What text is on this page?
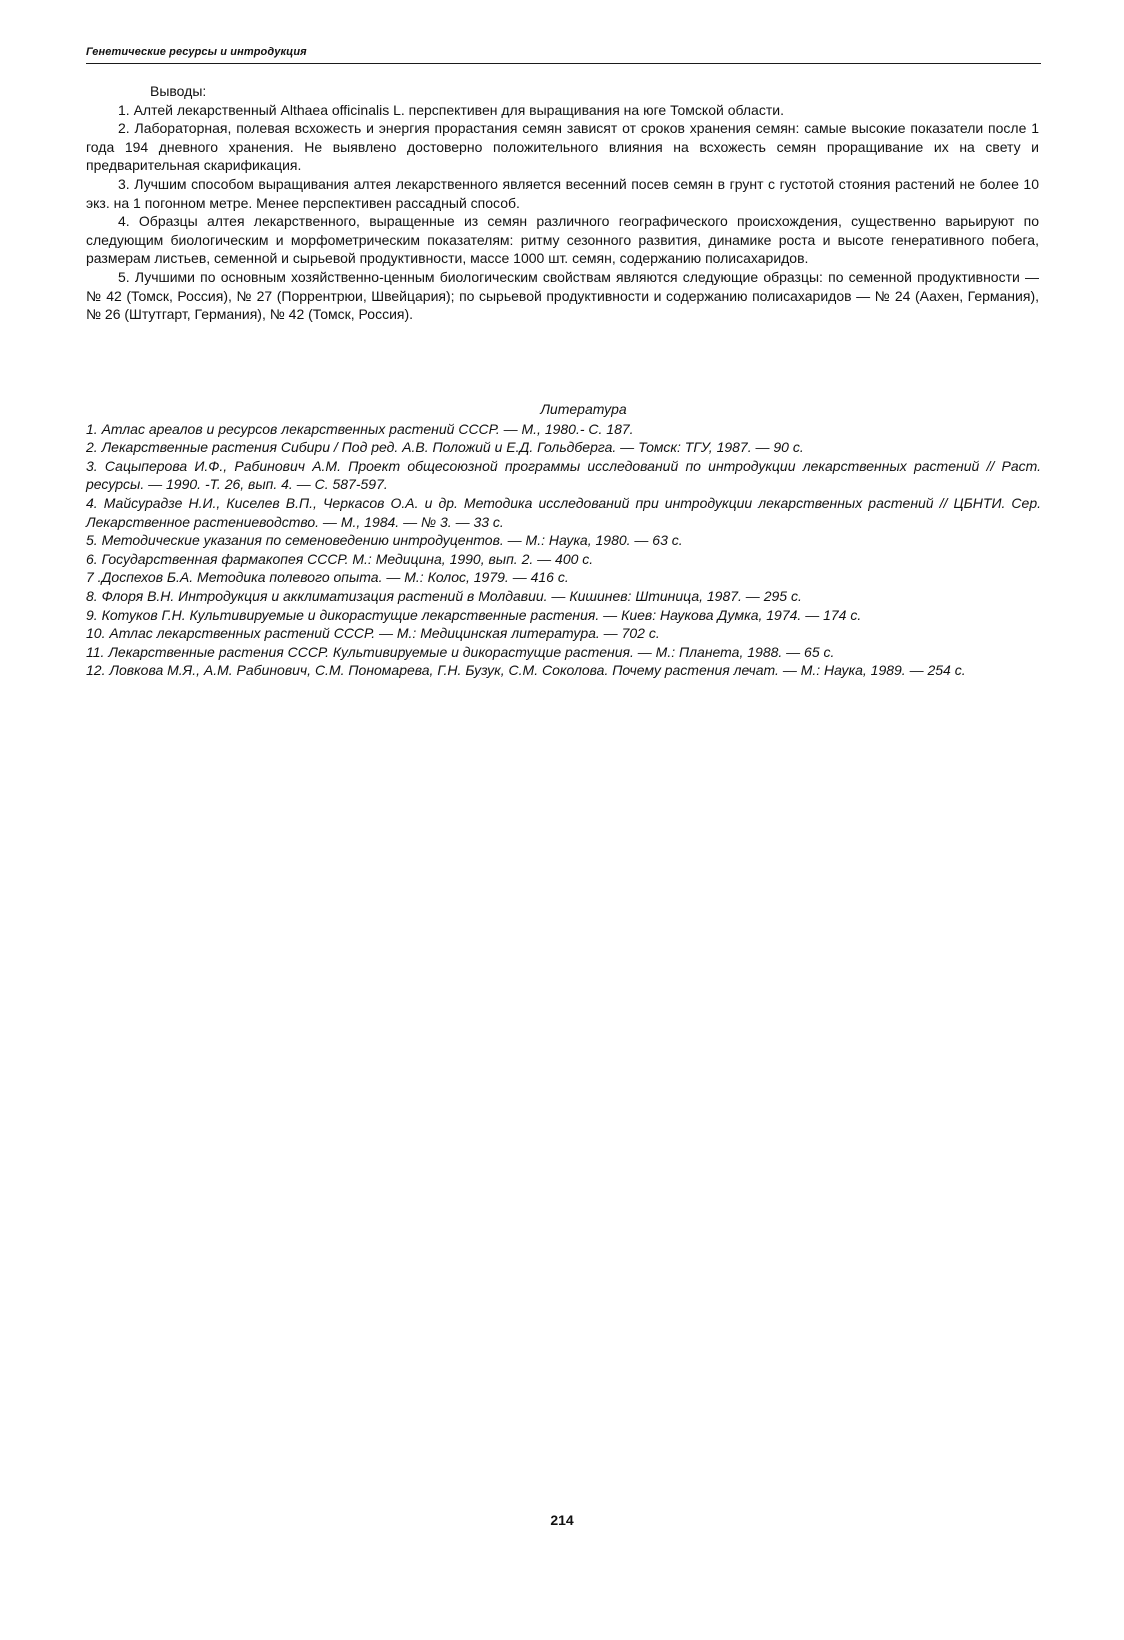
Генетические ресурсы и интродукция

Выводы:

1. Алтей лекарственный Althaea officinalis L. перспективен для выращивания на юге Томской области.

2. Лабораторная, полевая всхожесть и энергия прорастания семян зависят от сроков хранения семян: самые высокие показатели после 1 года 194 дневного хранения. Не выявлено достоверно положительного влияния на всхожесть семян проращивание их на свету и предварительная скарификация.

3. Лучшим способом выращивания алтея лекарственного является весенний посев семян в грунт с густотой стояния растений не более 10 экз. на 1 погонном метре. Менее перспективен рассадный способ.

4. Образцы алтея лекарственного, выращенные из семян различного географического происхождения, существенно варьируют по следующим биологическим и морфометрическим показателям: ритму сезонного развития, динамике роста и высоте генеративного побега, размерам листьев, семенной и сырьевой продуктивности, массе 1000 шт. семян, содержанию полисахаридов.

5. Лучшими по основным хозяйственно-ценным биологическим свойствам являются следующие образцы: по семенной продуктивности — № 42 (Томск, Россия), № 27 (Поррентрюи, Швейцария); по сырьевой продуктивности и содержанию полисахаридов — № 24 (Аахен, Германия), № 26 (Штутгарт, Германия), № 42 (Томск, Россия).

Литература
1. Атлас ареалов и ресурсов лекарственных растений СССР. — М., 1980.- С. 187.
2. Лекарственные растения Сибири / Под ред. А.В. Положий и Е.Д. Гольдберга. — Томск: ТГУ, 1987. — 90 с.
3. Сацыперова И.Ф., Рабинович А.М. Проект общесоюзной программы исследований по интродукции лекарственных растений // Раст. ресурсы. — 1990. -Т. 26, вып. 4. — С. 587-597.
4. Майсурадзе Н.И., Киселев В.П., Черкасов О.А. и др. Методика исследований при интродукции лекарственных растений // ЦБНТИ. Сер. Лекарственное растениеводство. — М., 1984. — № 3. — 33 с.
5. Методические указания по семеноведению интродуцентов. — М.: Наука, 1980. — 63 с.
6. Государственная фармакопея СССР. М.: Медицина, 1990, вып. 2. — 400 с.
7 .Доспехов Б.А. Методика полевого опыта. — М.: Колос, 1979. — 416 с.
8. Флоря В.Н. Интродукция и акклиматизация растений в Молдавии. — Кишинев: Штиница, 1987. — 295 с.
9. Котуков Г.Н. Культивируемые и дикорастущие лекарственные растения. — Киев: Наукова Думка, 1974. — 174 с.
10. Атлас лекарственных растений СССР. — М.: Медицинская литература. — 702 с.
11. Лекарственные растения СССР. Культивируемые и дикорастущие растения. — М.: Планета, 1988. — 65 с.
12. Ловкова М.Я., А.М. Рабинович, С.М. Пономарева, Г.Н. Бузук, С.М. Соколова. Почему растения лечат. — М.: Наука, 1989. — 254 с.
214
